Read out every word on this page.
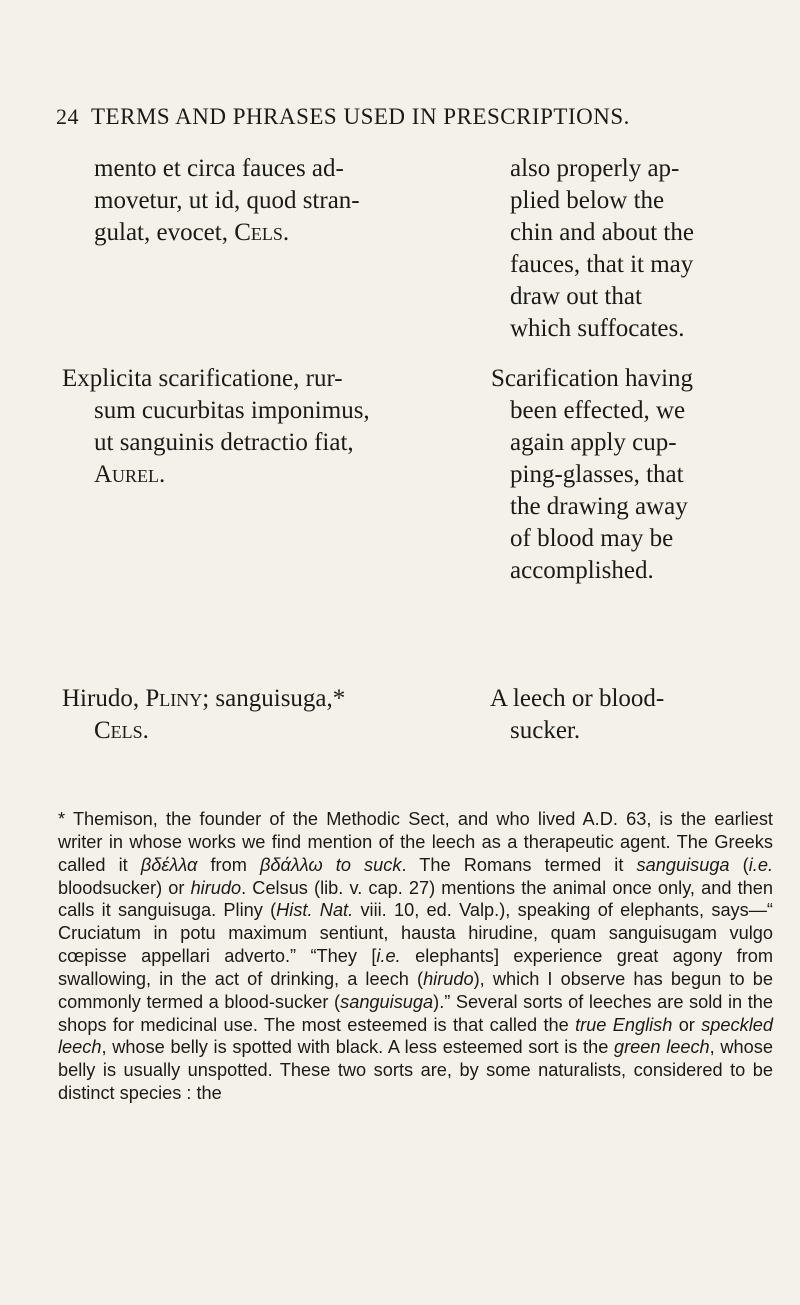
24 TERMS AND PHRASES USED IN PRESCRIPTIONS.

mento et circa fauces ad-
movetur, ut id, quod stran-
gulat, evocet, Cels.

also properly ap-
plied below the
chin and about the
fauces, that it may
draw out that
which suffocates.

Explicita scarificatione, rur-
sum cucurbitas imponimus,
ut sanguinis detractio fiat,
Aurel.

Scarification having
been effected, we
again apply cup-
ping-glasses, that
the drawing away
of blood may be
accomplished.

Hirudo, Pliny; sanguisuga,*
Cels.

A leech or blood-
sucker.

* Themison, the founder of the Methodic Sect, and who lived A.D. 63, is the earliest writer in whose works we find mention of the leech as a therapeutic agent. The Greeks called it βδέλλα from βδάλλω to suck. The Romans termed it sanguisuga (i.e. bloodsucker) or hirudo. Celsus (lib. v. cap. 27) mentions the animal once only, and then calls it sanguisuga. Pliny (Hist. Nat. viii. 10, ed. Valp.), speaking of elephants, says—“ Cruciatum in potu maximum sentiunt, hausta hirudine, quam sanguisugam vulgo cœpisse appellari adverto.” “They [i.e. elephants] experience great agony from swallowing, in the act of drinking, a leech (hirudo), which I observe has begun to be commonly termed a blood-sucker (sanguisuga).” Several sorts of leeches are sold in the shops for medicinal use. The most esteemed is that called the true English or speckled leech, whose belly is spotted with black. A less esteemed sort is the green leech, whose belly is usually unspotted. These two sorts are, by some naturalists, considered to be distinct species : the
